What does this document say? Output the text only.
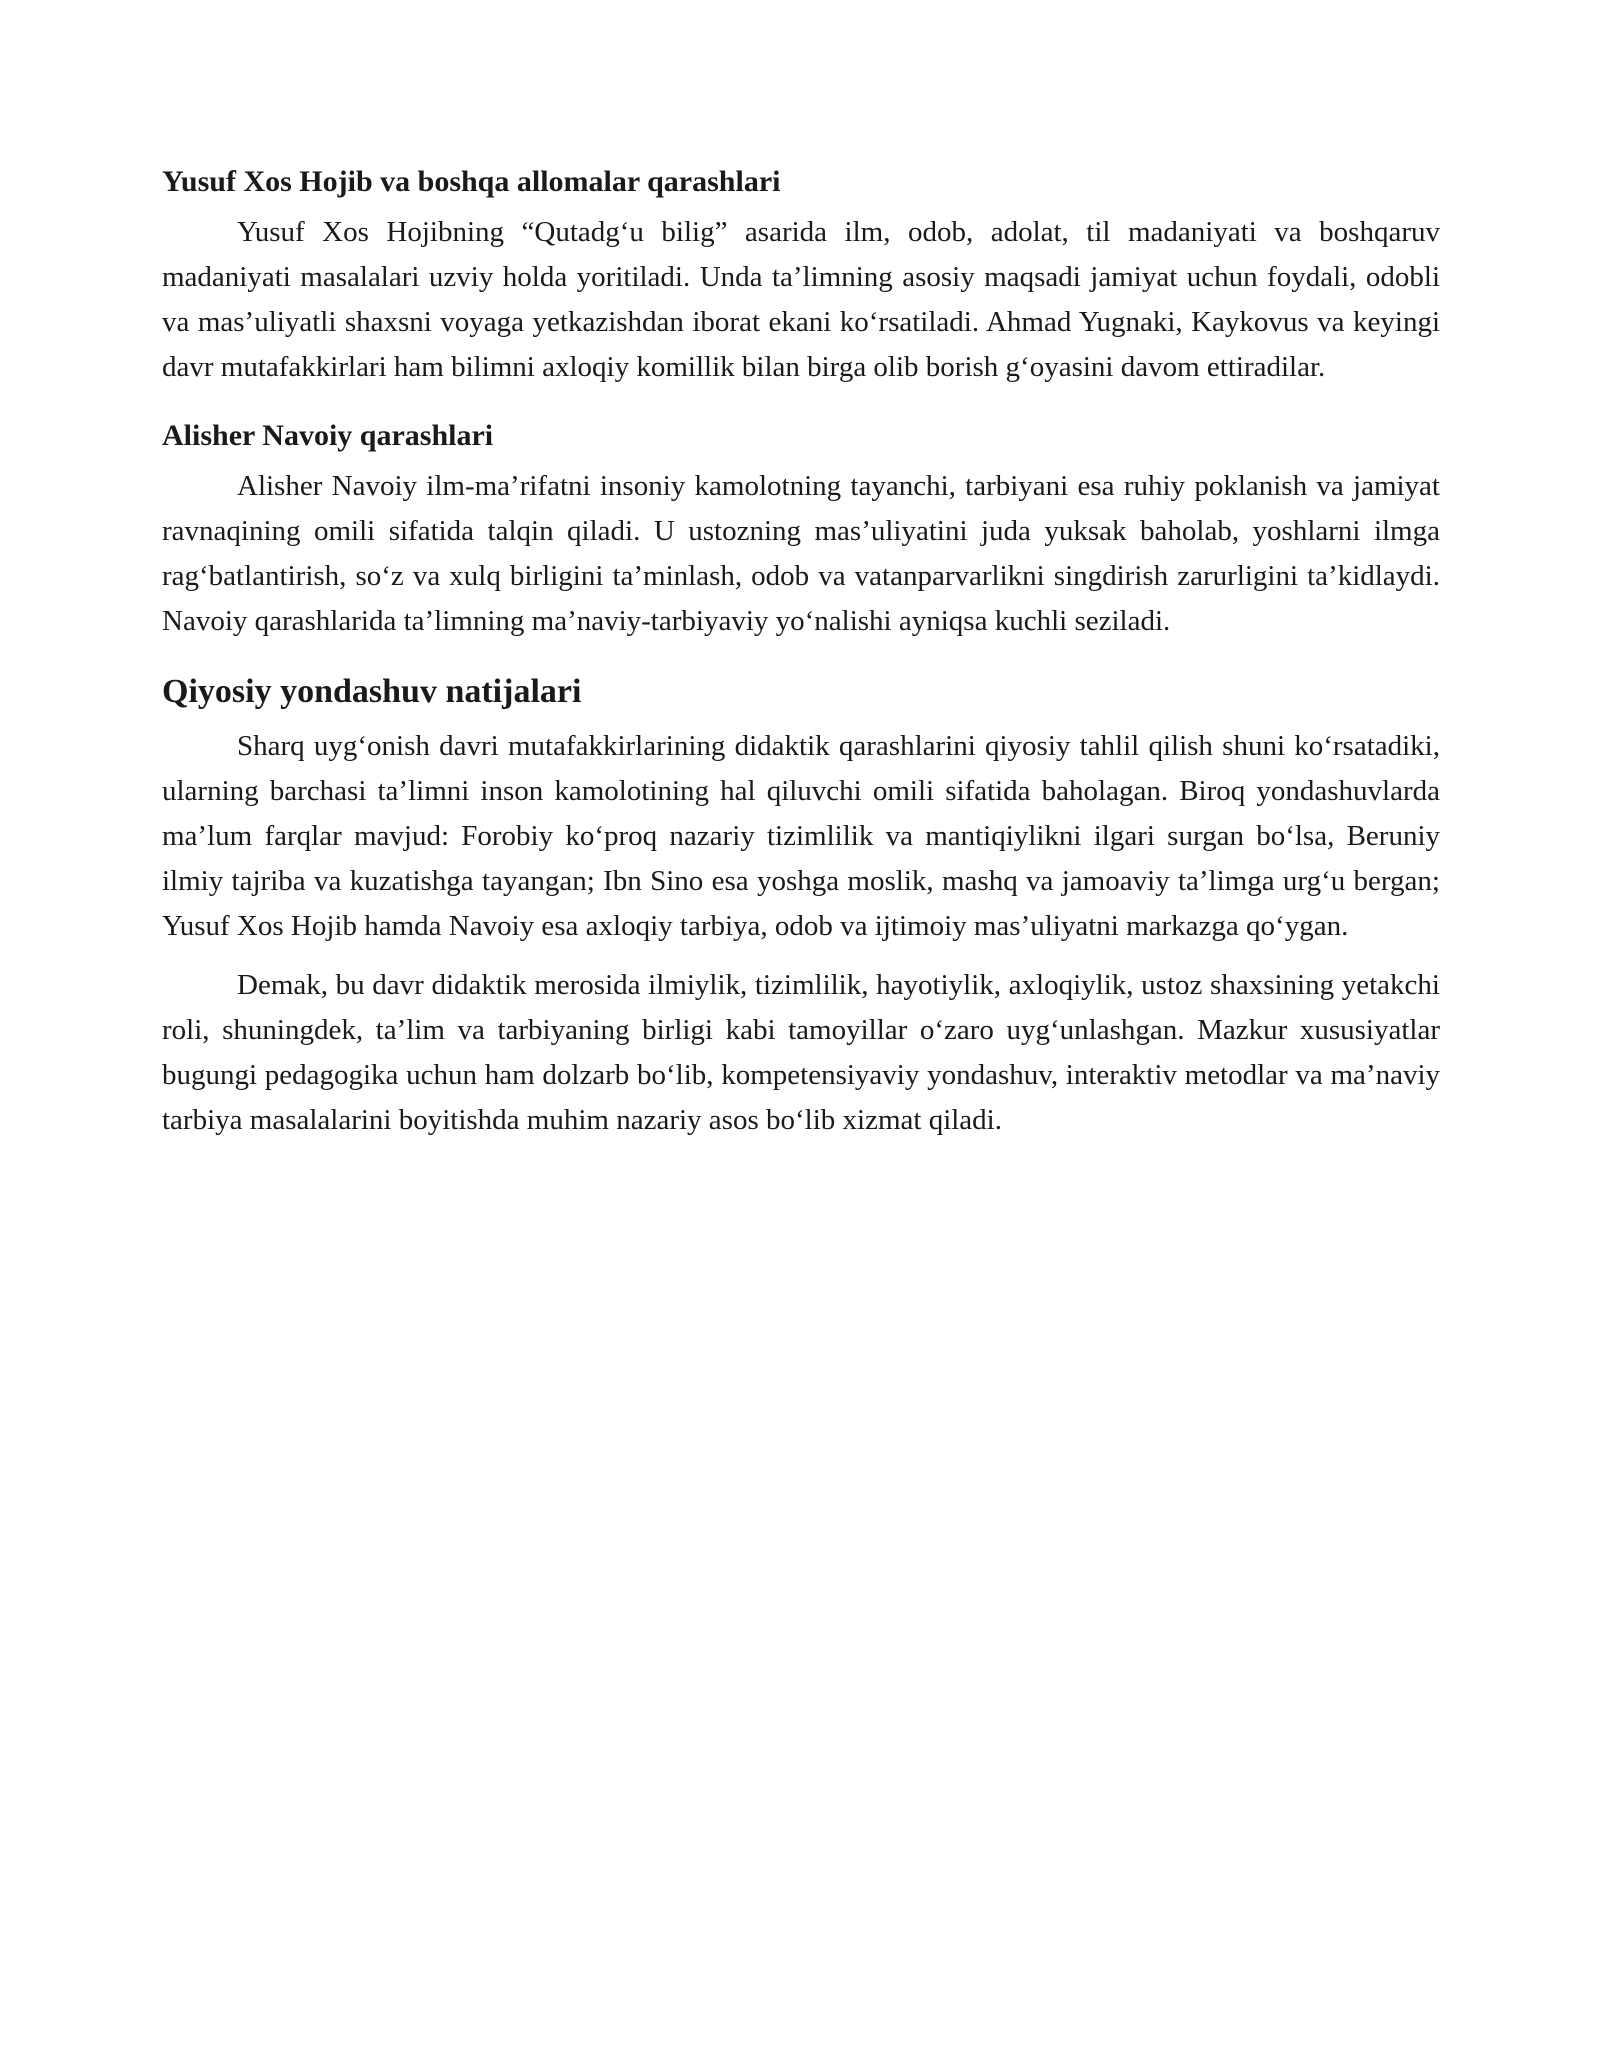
Yusuf Xos Hojib va boshqa allomalar qarashlari

Yusuf Xos Hojibning “Qutadg‘u bilig” asarida ilm, odob, adolat, til madaniyati va boshqaruv madaniyati masalalari uzviy holda yoritiladi. Unda ta’limning asosiy maqsadi jamiyat uchun foydali, odobli va mas’uliyatli shaxsni voyaga yetkazishdan iborat ekani ko‘rsatiladi. Ahmad Yugnaki, Kaykovus va keyingi davr mutafakkirlari ham bilimni axloqiy komillik bilan birga olib borish g‘oyasini davom ettiradilar.

Alisher Navoiy qarashlari

Alisher Navoiy ilm-ma’rifatni insoniy kamolotning tayanchi, tarbiyani esa ruhiy poklanish va jamiyat ravnaqining omili sifatida talqin qiladi. U ustozning mas’uliyatini juda yuksak baholab, yoshlarni ilmga rag‘batlantirish, so‘z va xulq birligini ta’minlash, odob va vatanparvarlikni singdirish zarurligini ta’kidlaydi. Navoiy qarashlarida ta’limning ma’naviy-tarbiyaviy yo‘nalishi ayniqsa kuchli seziladi.

Qiyosiy yondashuv natijalari

Sharq uyg‘onish davri mutafakkirlarining didaktik qarashlarini qiyosiy tahlil qilish shuni ko‘rsatadiki, ularning barchasi ta’limni inson kamolotining hal qiluvchi omili sifatida baholagan. Biroq yondashuvlarda ma’lum farqlar mavjud: Forobiy ko‘proq nazariy tizimlilik va mantiqiylikni ilgari surgan bo‘lsa, Beruniy ilmiy tajriba va kuzatishga tayangan; Ibn Sino esa yoshga moslik, mashq va jamoaviy ta’limga urg‘u bergan; Yusuf Xos Hojib hamda Navoiy esa axloqiy tarbiya, odob va ijtimoiy mas’uliyatni markazga qo‘ygan.

Demak, bu davr didaktik merosida ilmiylik, tizimlilik, hayotiylik, axloqiylik, ustoz shaxsining yetakchi roli, shuningdek, ta’lim va tarbiyaning birligi kabi tamoyillar o‘zaro uyg‘unlashgan. Mazkur xususiyatlar bugungi pedagogika uchun ham dolzarb bo‘lib, kompetensiyaviy yondashuv, interaktiv metodlar va ma’naviy tarbiya masalalarini boyitishda muhim nazariy asos bo‘lib xizmat qiladi.
